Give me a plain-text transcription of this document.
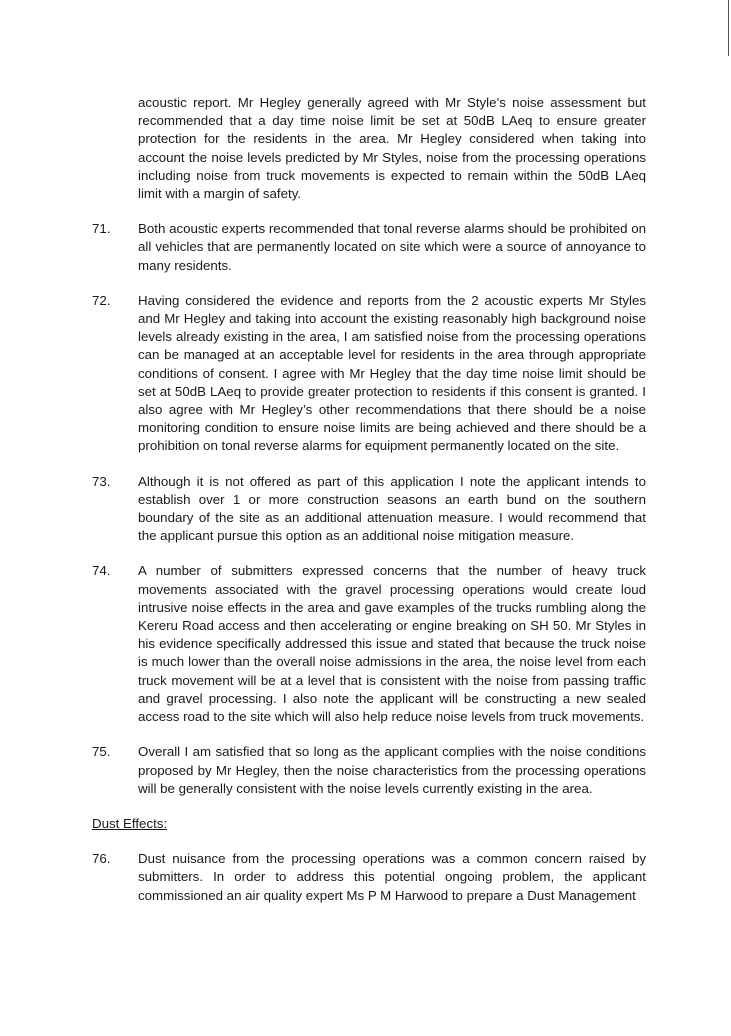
acoustic report. Mr Hegley generally agreed with Mr Style’s noise assessment but recommended that a day time noise limit be set at 50dB LAeq to ensure greater protection for the residents in the area. Mr Hegley considered when taking into account the noise levels predicted by Mr Styles, noise from the processing operations including noise from truck movements is expected to remain within the 50dB LAeq limit with a margin of safety.
71.	Both acoustic experts recommended that tonal reverse alarms should be prohibited on all vehicles that are permanently located on site which were a source of annoyance to many residents.
72.	Having considered the evidence and reports from the 2 acoustic experts Mr Styles and Mr Hegley and taking into account the existing reasonably high background noise levels already existing in the area, I am satisfied noise from the processing operations can be managed at an acceptable level for residents in the area through appropriate conditions of consent. I agree with Mr Hegley that the day time noise limit should be set at 50dB LAeq to provide greater protection to residents if this consent is granted. I also agree with Mr Hegley’s other recommendations that there should be a noise monitoring condition to ensure noise limits are being achieved and there should be a prohibition on tonal reverse alarms for equipment permanently located on the site.
73.	Although it is not offered as part of this application I note the applicant intends to establish over 1 or more construction seasons an earth bund on the southern boundary of the site as an additional attenuation measure. I would recommend that the applicant pursue this option as an additional noise mitigation measure.
74.	A number of submitters expressed concerns that the number of heavy truck movements associated with the gravel processing operations would create loud intrusive noise effects in the area and gave examples of the trucks rumbling along the Kereru Road access and then accelerating or engine breaking on SH 50. Mr Styles in his evidence specifically addressed this issue and stated that because the truck noise is much lower than the overall noise admissions in the area, the noise level from each truck movement will be at a level that is consistent with the noise from passing traffic and gravel processing. I also note the applicant will be constructing a new sealed access road to the site which will also help reduce noise levels from truck movements.
75.	Overall I am satisfied that so long as the applicant complies with the noise conditions proposed by Mr Hegley, then the noise characteristics from the processing operations will be generally consistent with the noise levels currently existing in the area.
Dust Effects:
76.	Dust nuisance from the processing operations was a common concern raised by submitters. In order to address this potential ongoing problem, the applicant commissioned an air quality expert Ms P M Harwood to prepare a Dust Management
